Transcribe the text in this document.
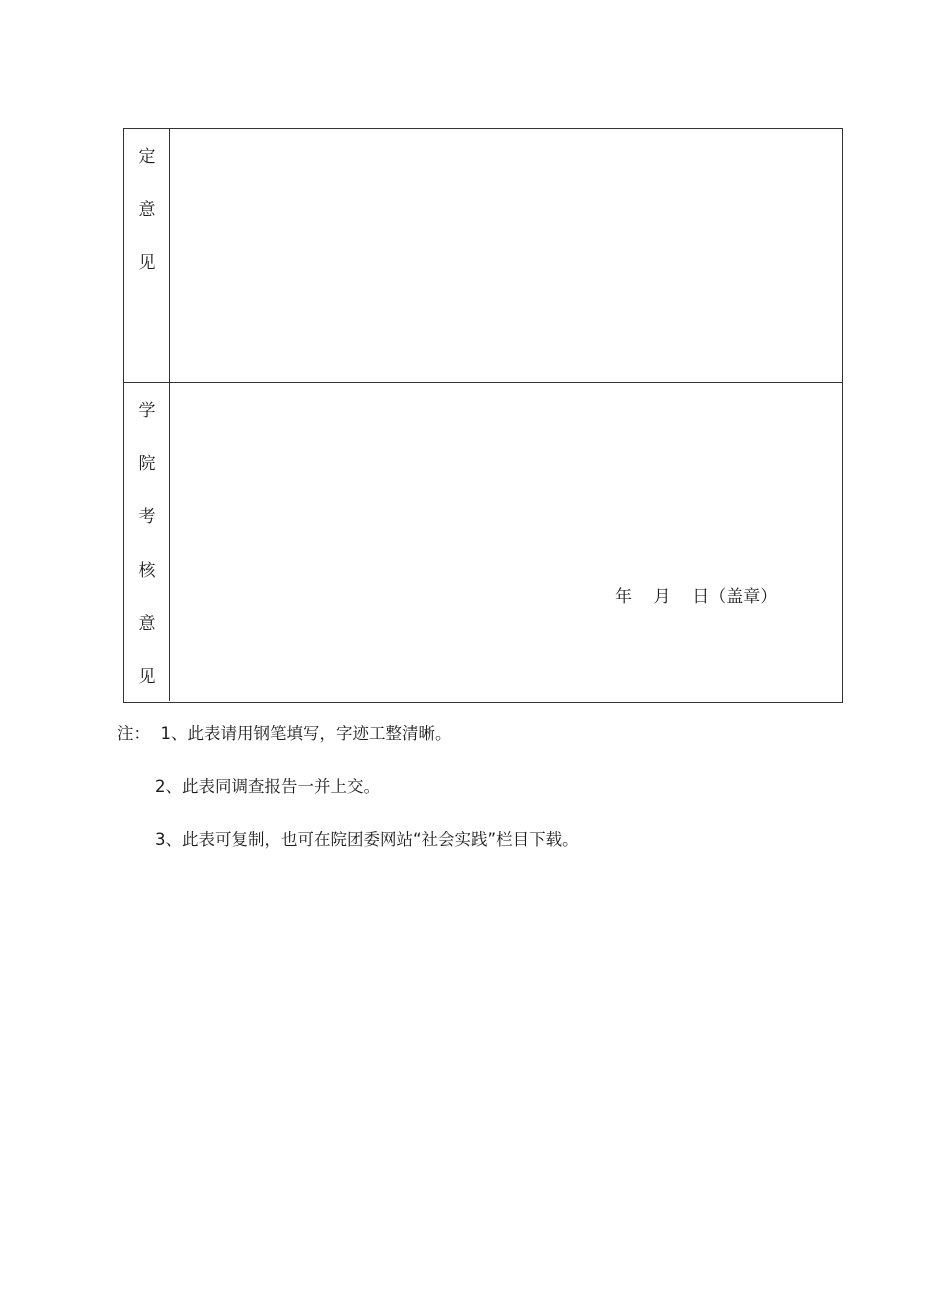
定
意
见
学
院
考
核
意
见
年    月    日（盖章）
注：  1、此表请用钢笔填写，字迹工整清晰。
2、此表同调查报告一并上交。
3、此表可复制，也可在院团委网站“社会实践”栏目下载。
